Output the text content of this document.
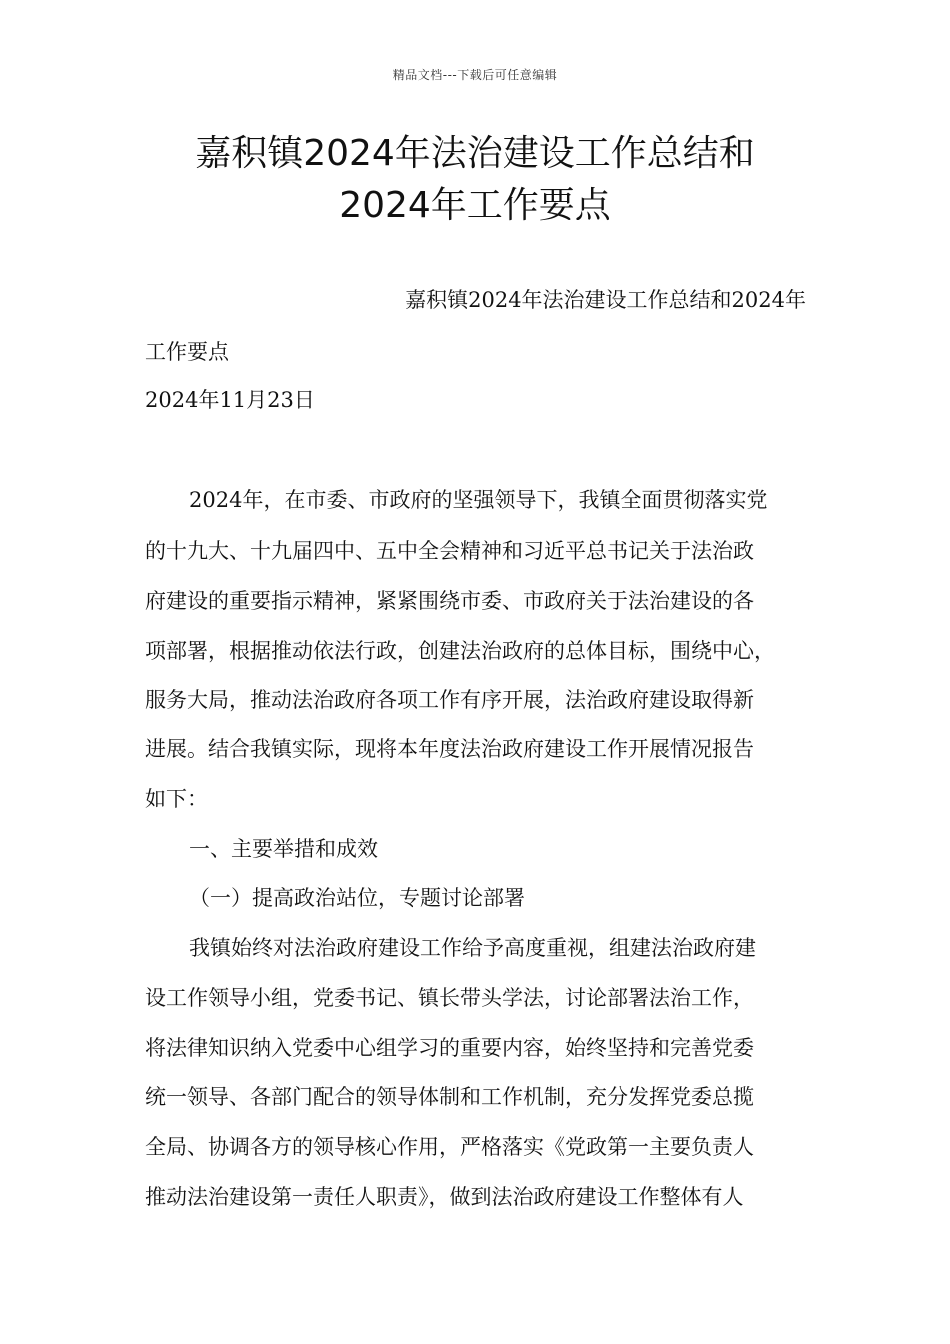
精品文档---下载后可任意编辑
嘉积镇2024年法治建设工作总结和
2024年工作要点
嘉积镇2024年法治建设工作总结和2024年
工作要点
2024年11月23日
2024年，在市委、市政府的坚强领导下，我镇全面贯彻落实党
的十九大、十九届四中、五中全会精神和习近平总书记关于法治政
府建设的重要指示精神，紧紧围绕市委、市政府关于法治建设的各
项部署，根据推动依法行政，创建法治政府的总体目标，围绕中心，
服务大局，推动法治政府各项工作有序开展，法治政府建设取得新
进展。结合我镇实际，现将本年度法治政府建设工作开展情况报告
如下：
一、主要举措和成效
（一）提高政治站位，专题讨论部署
我镇始终对法治政府建设工作给予高度重视，组建法治政府建
设工作领导小组，党委书记、镇长带头学法，讨论部署法治工作，
将法律知识纳入党委中心组学习的重要内容，始终坚持和完善党委
统一领导、各部门配合的领导体制和工作机制，充分发挥党委总揽
全局、协调各方的领导核心作用，严格落实《党政第一主要负责人
推动法治建设第一责任人职责》，做到法治政府建设工作整体有人
